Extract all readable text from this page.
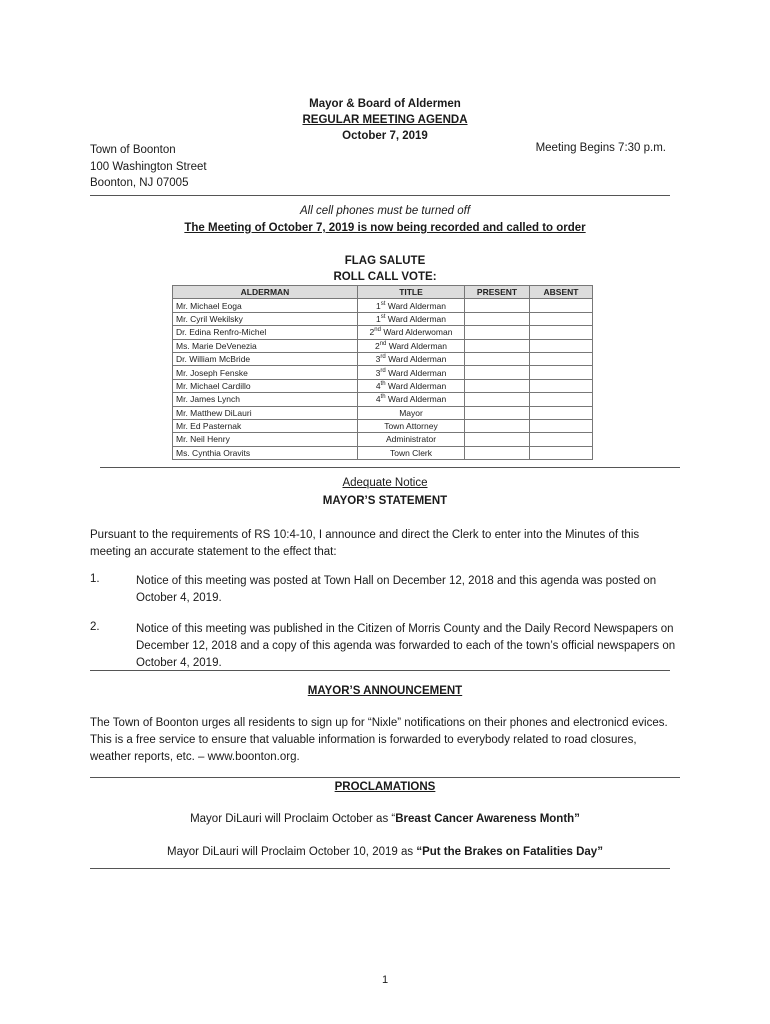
Mayor & Board of Aldermen
REGULAR MEETING AGENDA
October 7, 2019
Town of Boonton
100 Washington Street
Boonton, NJ 07005
Meeting Begins 7:30 p.m.
All cell phones must be turned off
The Meeting of October 7, 2019 is now being recorded and called to order
FLAG SALUTE
ROLL CALL VOTE:
ALDERMAN	TITLE	PRESENT	ABSENT
Mr. Michael Eoga	1st Ward Alderman		
Mr. Cyril Wekilsky	1st Ward Alderman		
Dr. Edina Renfro-Michel	2nd Ward Alderwoman		
Ms. Marie DeVenezia	2nd Ward Alderman		
Dr. William McBride	3rd Ward Alderman		
Mr. Joseph Fenske	3rd Ward Alderman		
Mr. Michael Cardillo	4th Ward Alderman		
Mr. James Lynch	4th Ward Alderman		
Mr. Matthew DiLauri	Mayor		
Mr. Ed Pasternak	Town Attorney		
Mr. Neil Henry	Administrator		
Ms. Cynthia Oravits	Town Clerk		
Adequate Notice
MAYOR’S STATEMENT
Pursuant to the requirements of RS 10:4-10, I announce and direct the Clerk to enter into the Minutes of this meeting an accurate statement to the effect that:
1.	Notice of this meeting was posted at Town Hall on December 12, 2018 and this agenda was posted on October 4, 2019.
2.	Notice of this meeting was published in the Citizen of Morris County and the Daily Record Newspapers on December 12, 2018 and a copy of this agenda was forwarded to each of the town’s official newspapers on October 4, 2019.
MAYOR’S ANNOUNCEMENT
The Town of Boonton urges all residents to sign up for “Nixle” notifications on their phones and electronicd evices. This is a free service to ensure that valuable information is forwarded to everybody related to road closures, weather reports, etc. – www.boonton.org.
PROCLAMATIONS
Mayor DiLauri will Proclaim October as “Breast Cancer Awareness Month”
Mayor DiLauri will Proclaim October 10, 2019 as “Put the Brakes on Fatalities Day”
1
